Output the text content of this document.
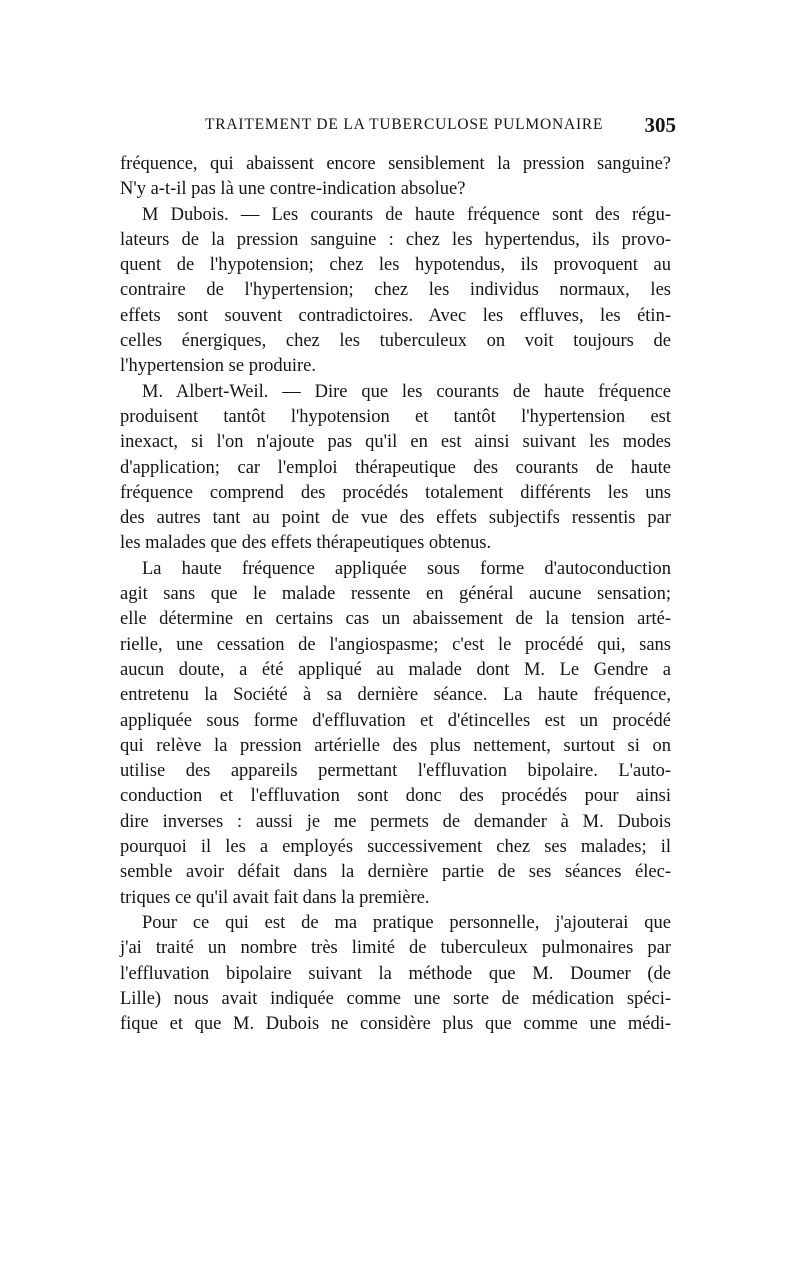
TRAITEMENT DE LA TUBERCULOSE PULMONAIRE 305
fréquence, qui abaissent encore sensiblement la pression sanguine?
N'y a-t-il pas là une contre-indication absolue?
M Dubois. — Les courants de haute fréquence sont des régu-
lateurs de la pression sanguine : chez les hypertendus, ils provo-
quent de l'hypotension; chez les hypotendus, ils provoquent au
contraire de l'hypertension; chez les individus normaux, les
effets sont souvent contradictoires. Avec les effluves, les étin-
celles énergiques, chez les tuberculeux on voit toujours de
l'hypertension se produire.
M. Albert-Weil. — Dire que les courants de haute fréquence
produisent tantôt l'hypotension et tantôt l'hypertension est
inexact, si l'on n'ajoute pas qu'il en est ainsi suivant les modes
d'application; car l'emploi thérapeutique des courants de haute
fréquence comprend des procédés totalement différents les uns
des autres tant au point de vue des effets subjectifs ressentis par
les malades que des effets thérapeutiques obtenus.
La haute fréquence appliquée sous forme d'autoconduction
agit sans que le malade ressente en général aucune sensation;
elle détermine en certains cas un abaissement de la tension arté-
rielle, une cessation de l'angiospasme; c'est le procédé qui, sans
aucun doute, a été appliqué au malade dont M. Le Gendre a
entretenu la Société à sa dernière séance. La haute fréquence,
appliquée sous forme d'effluvation et d'étincelles est un procédé
qui relève la pression artérielle des plus nettement, surtout si on
utilise des appareils permettant l'effluvation bipolaire. L'auto-
conduction et l'effluvation sont donc des procédés pour ainsi
dire inverses : aussi je me permets de demander à M. Dubois
pourquoi il les a employés successivement chez ses malades; il
semble avoir défait dans la dernière partie de ses séances élec-
triques ce qu'il avait fait dans la première.
Pour ce qui est de ma pratique personnelle, j'ajouterai que
j'ai traité un nombre très limité de tuberculeux pulmonaires par
l'effluvation bipolaire suivant la méthode que M. Doumer (de
Lille) nous avait indiquée comme une sorte de médication spéci-
fique et que M. Dubois ne considère plus que comme une médi-
